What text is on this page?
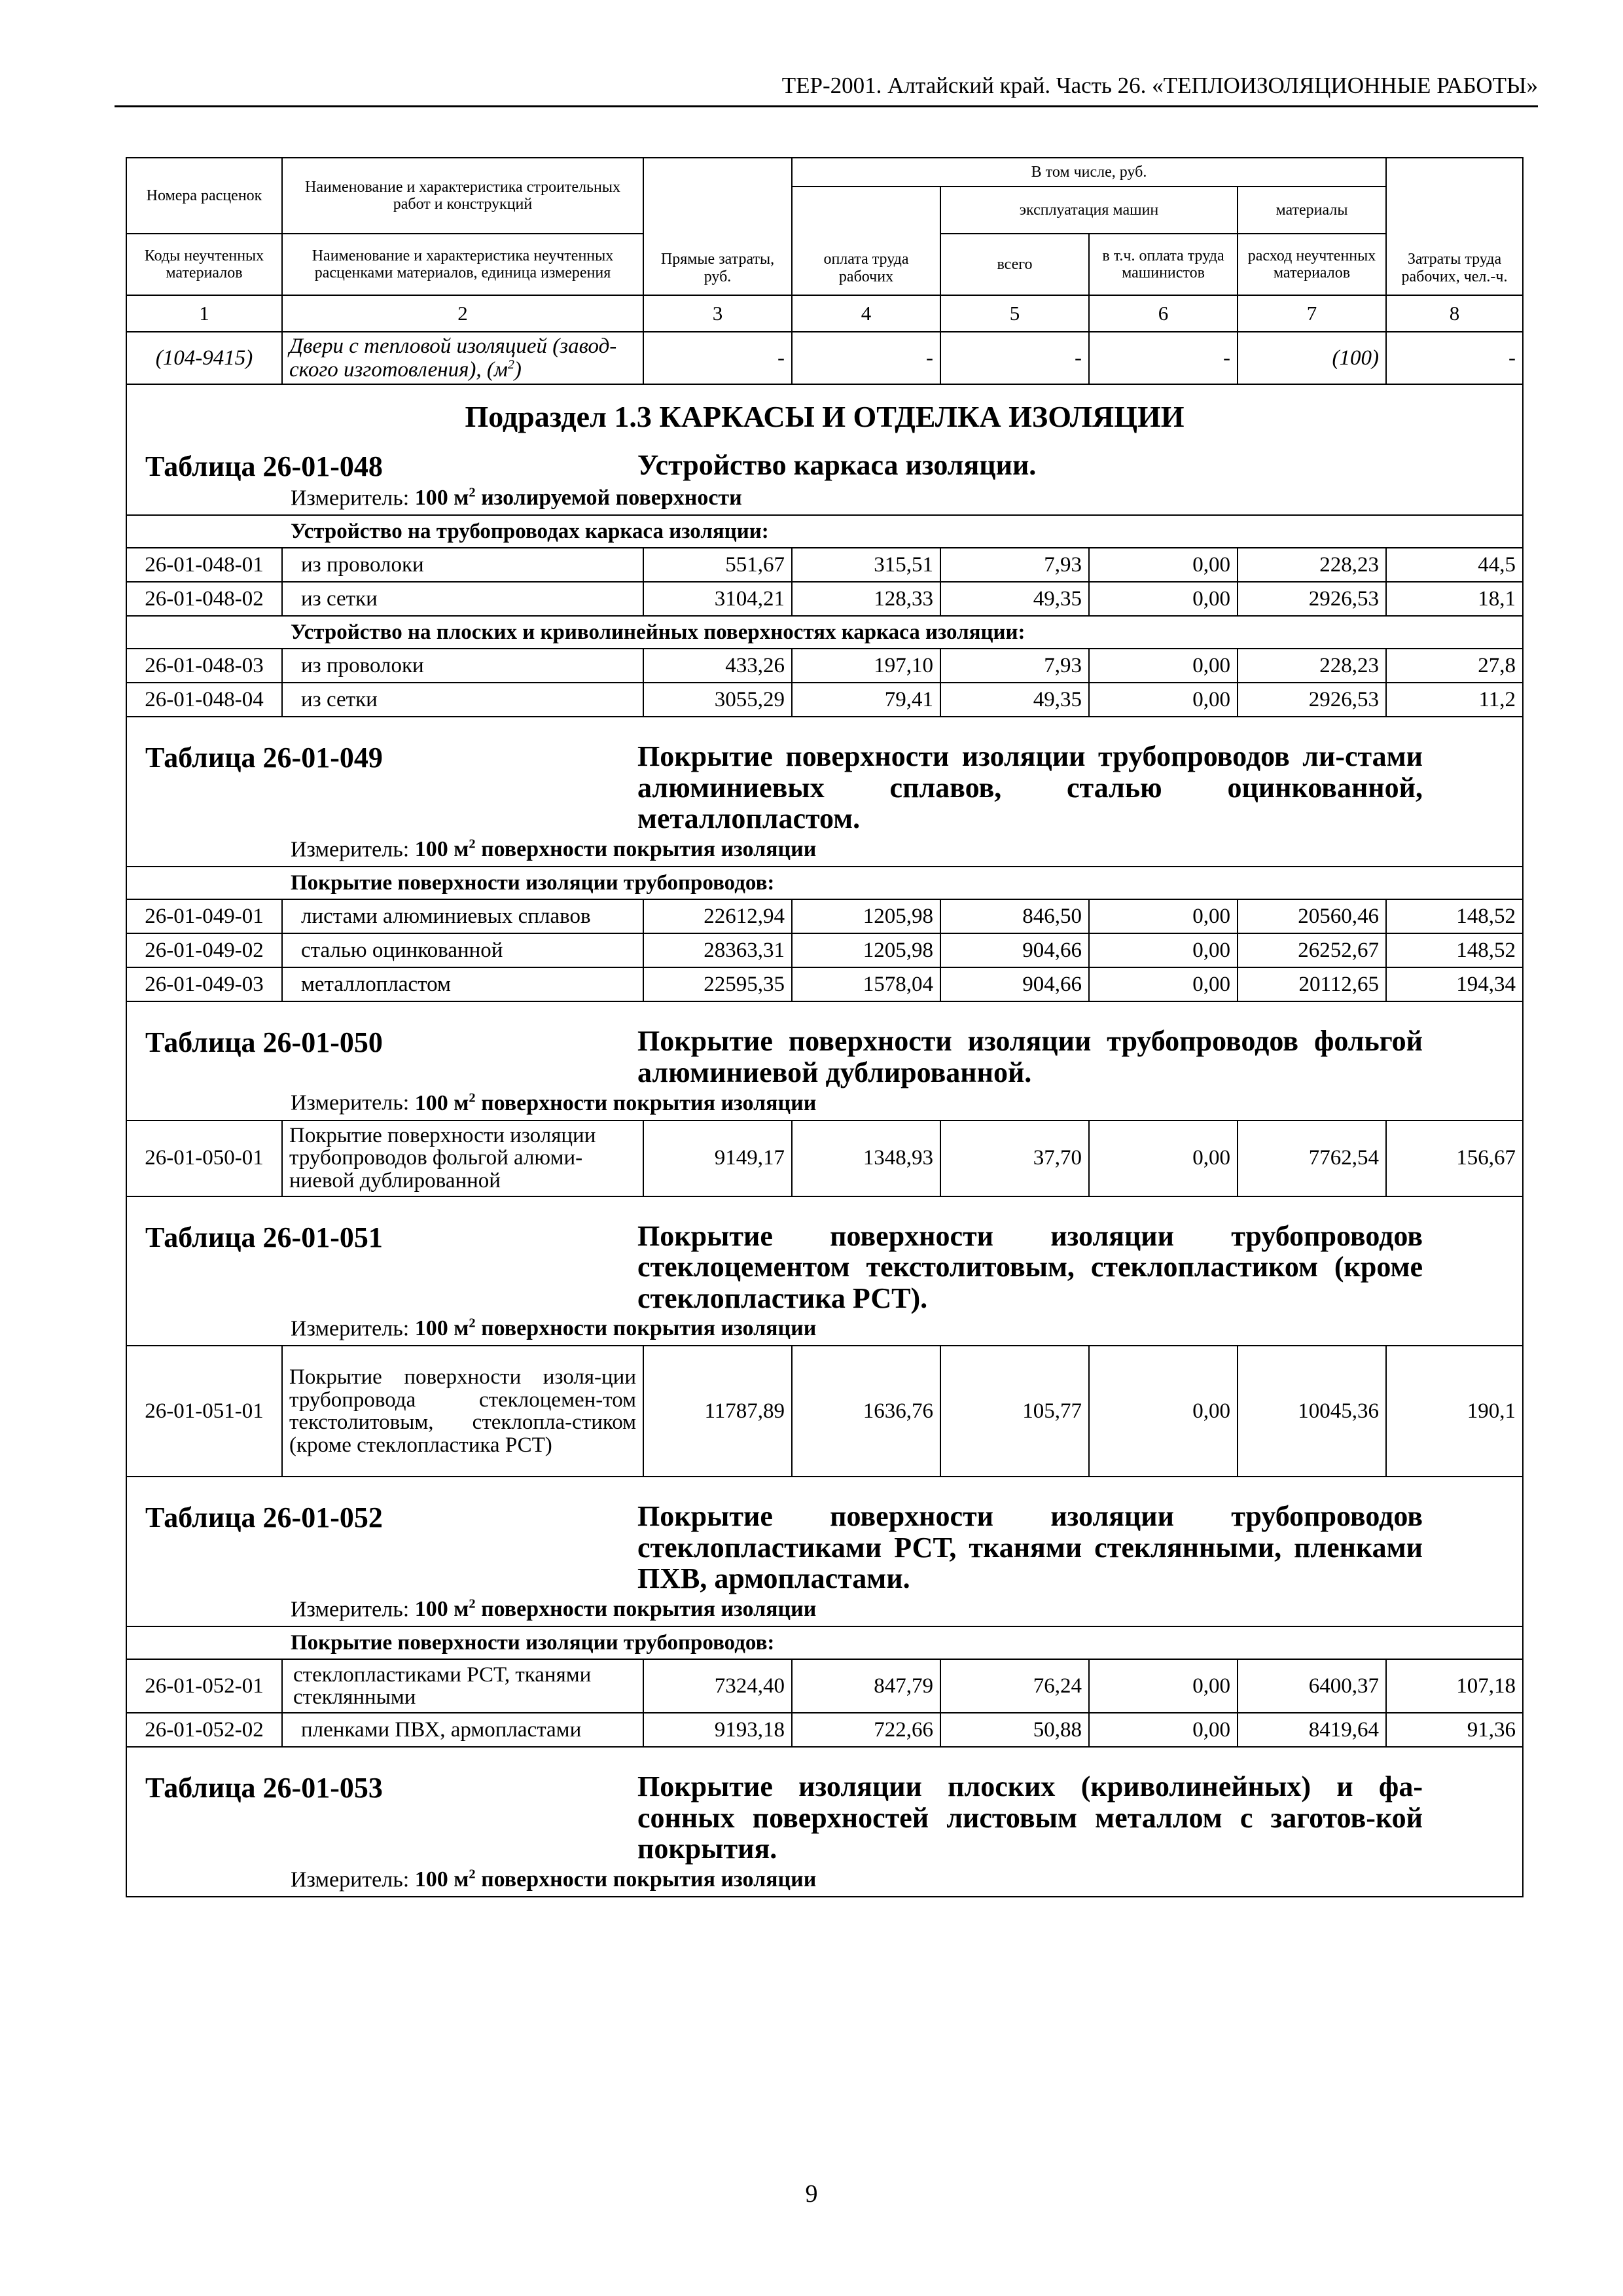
ТЕР-2001. Алтайский край. Часть 26. «ТЕПЛОИЗОЛЯЦИОННЫЕ РАБОТЫ»
Номера расценок	Наименование и характеристика строительных работ и конструкций	Прямые затраты, руб.	В том числе, руб.				Затраты труда рабочих, чел.-ч.
			оплата труда рабочих	эксплуатация машин		материалы	
Коды неучтенных материалов	Наименование и характеристика неучтенных расценками материалов, единица измерения			всего	в т.ч. оплата труда машинистов	расход неучтенных материалов	
1	2	3	4	5	6	7	8
(104-9415)	Двери с тепловой изоляцией (завод-ского изготовления), $(м^2)$	-	-	-	-	(100)	-

Подраздел 1.3 КАРКАСЫ И ОТДЕЛКА ИЗОЛЯЦИИ
Таблица 26-01-048 Устройство каркаса изоляции.
Измеритель: 100 $м^2$ изолируемой поверхности							

Устройство на трубопроводах каркаса изоляции:							
26-01-048-01	из проволоки	551,67	315,51	7,93	0,00	228,23	44,5
26-01-048-02	из сетки	3104,21	128,33	49,35	0,00	2926,53	18,1
Устройство на плоских и криволинейных поверхностях каркаса изоляции:							
26-01-048-03	из проволоки	433,26	197,10	7,93	0,00	228,23	27,8
26-01-048-04	из сетки	3055,29	79,41	49,35	0,00	2926,53	11,2

Таблица 26-01-049 Покрытие поверхности изоляции трубопроводов ли-стами алюминиевых сплавов, сталью оцинкованной, металлопластом.
Измеритель: 100 $м^2$ поверхности покрытия изоляции							

Покрытие поверхности изоляции трубопроводов:							
26-01-049-01	листами алюминиевых сплавов	22612,94	1205,98	846,50	0,00	20560,46	148,52
26-01-049-02	сталью оцинкованной	28363,31	1205,98	904,66	0,00	26252,67	148,52
26-01-049-03	металлопластом	22595,35	1578,04	904,66	0,00	20112,65	194,34

Таблица 26-01-050 Покрытие поверхности изоляции трубопроводов фольгой алюминиевой дублированной.
Измеритель: 100 $м^2$ поверхности покрытия изоляции							

26-01-050-01	Покрытие поверхности изоляции трубопроводов фольгой алюми-ниевой дублированной	9149,17	1348,93	37,70	0,00	7762,54	156,67

Таблица 26-01-051 Покрытие поверхности изоляции трубопроводов стеклоцементом текстолитовым, стеклопластиком (кроме стеклопластика РСТ).
Измеритель: 100 $м^2$ поверхности покрытия изоляции							

26-01-051-01	Покрытие поверхности изоля-ции трубопровода стеклоцемен-том текстолитовым, стеклопла-стиком (кроме стеклопластика РСТ)	11787,89	1636,76	105,77	0,00	10045,36	190,1

Таблица 26-01-052 Покрытие поверхности изоляции трубопроводов стеклопластиками РСТ, тканями стеклянными, пленками ПХВ, армопластами.
Измеритель: 100 $м^2$ поверхности покрытия изоляции							

Покрытие поверхности изоляции трубопроводов:							
26-01-052-01	стеклопластиками РСТ, тканями стеклянными	7324,40	847,79	76,24	0,00	6400,37	107,18
26-01-052-02	пленками ПВХ, армопластами	9193,18	722,66	50,88	0,00	8419,64	91,36

Таблица 26-01-053 Покрытие изоляции плоских (криволинейных) и фа-сонных поверхностей листовым металлом с заготов-кой покрытия.
Измеритель: 100 $м^2$ поверхности покрытия изоляции							
9
